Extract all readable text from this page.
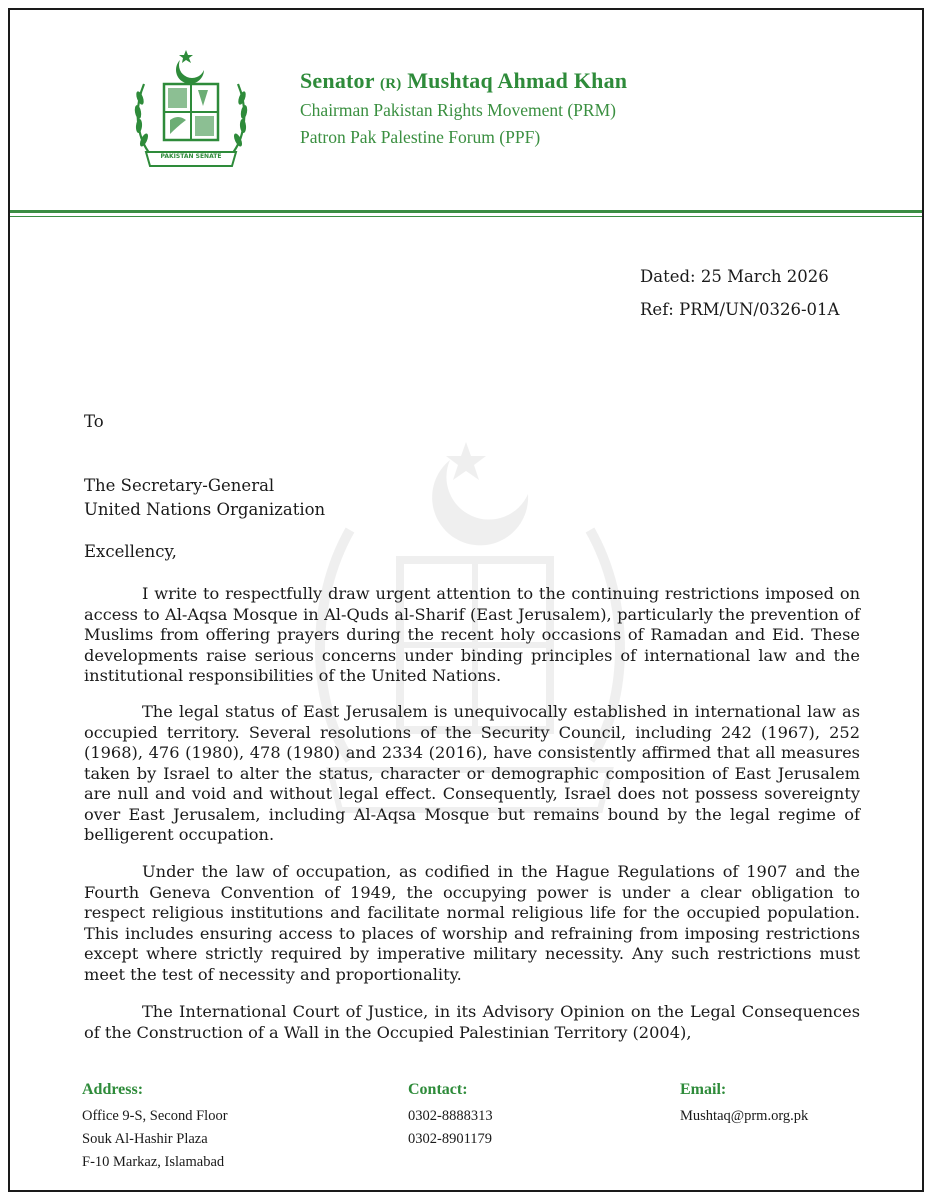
PAKISTAN SENATE
Senator (R) Mushtaq Ahmad Khan
Chairman Pakistan Rights Movement (PRM)
Patron Pak Palestine Forum (PPF)
Dated: 25 March 2026
Ref: PRM/UN/0326-01A
To
The Secretary-General
United Nations Organization
Excellency,

I write to respectfully draw urgent attention to the continuing restrictions imposed on access to Al-Aqsa Mosque in Al-Quds al-Sharif (East Jerusalem), particularly the prevention of Muslims from offering prayers during the recent holy occasions of Ramadan and Eid. These developments raise serious concerns under binding principles of international law and the institutional responsibilities of the United Nations.

The legal status of East Jerusalem is unequivocally established in international law as occupied territory. Several resolutions of the Security Council, including 242 (1967), 252 (1968), 476 (1980), 478 (1980) and 2334 (2016), have consistently affirmed that all measures taken by Israel to alter the status, character or demographic composition of East Jerusalem are null and void and without legal effect. Consequently, Israel does not possess sovereignty over East Jerusalem, including Al-Aqsa Mosque but remains bound by the legal regime of belligerent occupation.

Under the law of occupation, as codified in the Hague Regulations of 1907 and the Fourth Geneva Convention of 1949, the occupying power is under a clear obligation to respect religious institutions and facilitate normal religious life for the occupied population. This includes ensuring access to places of worship and refraining from imposing restrictions except where strictly required by imperative military necessity. Any such restrictions must meet the test of necessity and proportionality.

The International Court of Justice, in its Advisory Opinion on the Legal Consequences of the Construction of a Wall in the Occupied Palestinian Territory (2004),

Address:
Office 9-S, Second Floor
Souk Al-Hashir Plaza
F-10 Markaz, Islamabad
Contact:
0302-8888313
0302-8901179
Email:
Mushtaq@prm.org.pk
